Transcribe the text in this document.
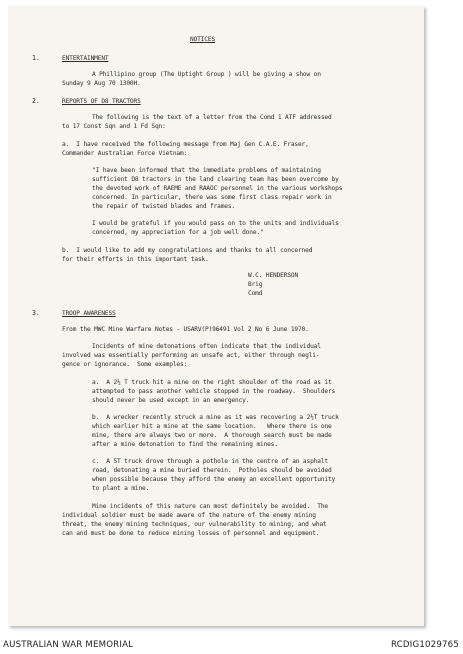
NOTICES
1.	ENTERTAINMENT
A Phillipino group (The Uptight Group ) will be giving a show on
Sunday 9 Aug 70 1300H.
2.	REPORTS OF D8 TRACTORS
The following is the text of a letter from the Comd 1 ATF addressed
to 17 Const Sqn and 1 Fd Sqn:
a.  I have received the following message from Maj Gen C.A.E. Fraser,
Commander Australian Force Vietnam:
"I have been informed that the immediate problems of maintaining
sufficient D8 tractors in the land clearing team has been overcome by
the devoted work of RAEME and RAAOC personnel in the various workshops
concerned. In particular, there was some first class repair work in
the repair of twisted blades and frames.
I would be grateful if you would pass on to the units and individuals
concerned, my appreciation for a job well done."
b.  I would like to add my congratulations and thanks to all concerned
for their efforts in this important task.
W.C. HENDERSON
Brig
Comd
3.	TROOP AWARENESS
From the MWC Mine Warfare Notes - USARV(P)96491 Vol 2 No 6 June 1970.
Incidents of mine detonations often indicate that the individual
involved was essentially performing an unsafe act, either through negli-
gence or ignorance.  Some examples:
a.  A 2½ T truck hit a mine on the right shoulder of the road as it
attempted to pass another vehicle stopped in the roadway.  Shoulders
should never be used except in an emergency.
b.  A wrecker recently struck a mine as it was recovering a 2½T truck
which earlier hit a mine at the same location.   Where there is one
mine, there are always two or more.  A thorough search must be made
after a mine detonation to find the remaining mines.
c.  A 5T truck drove through a pothole in the centre of an asphalt
road, detonating a mine buried therein.  Potholes should be avoided
when possible because they afford the enemy an excellent opportunity
to plant a mine.
Mine incidents of this nature can most definitely be avoided.  The
individual soldier must be made aware of the nature of the enemy mining
threat, the enemy mining techniques, our vulnerability to mining, and what
can and must be done to reduce mining losses of personnel and equipment.
AUSTRALIAN WAR MEMORIAL	RCDIG1029765
